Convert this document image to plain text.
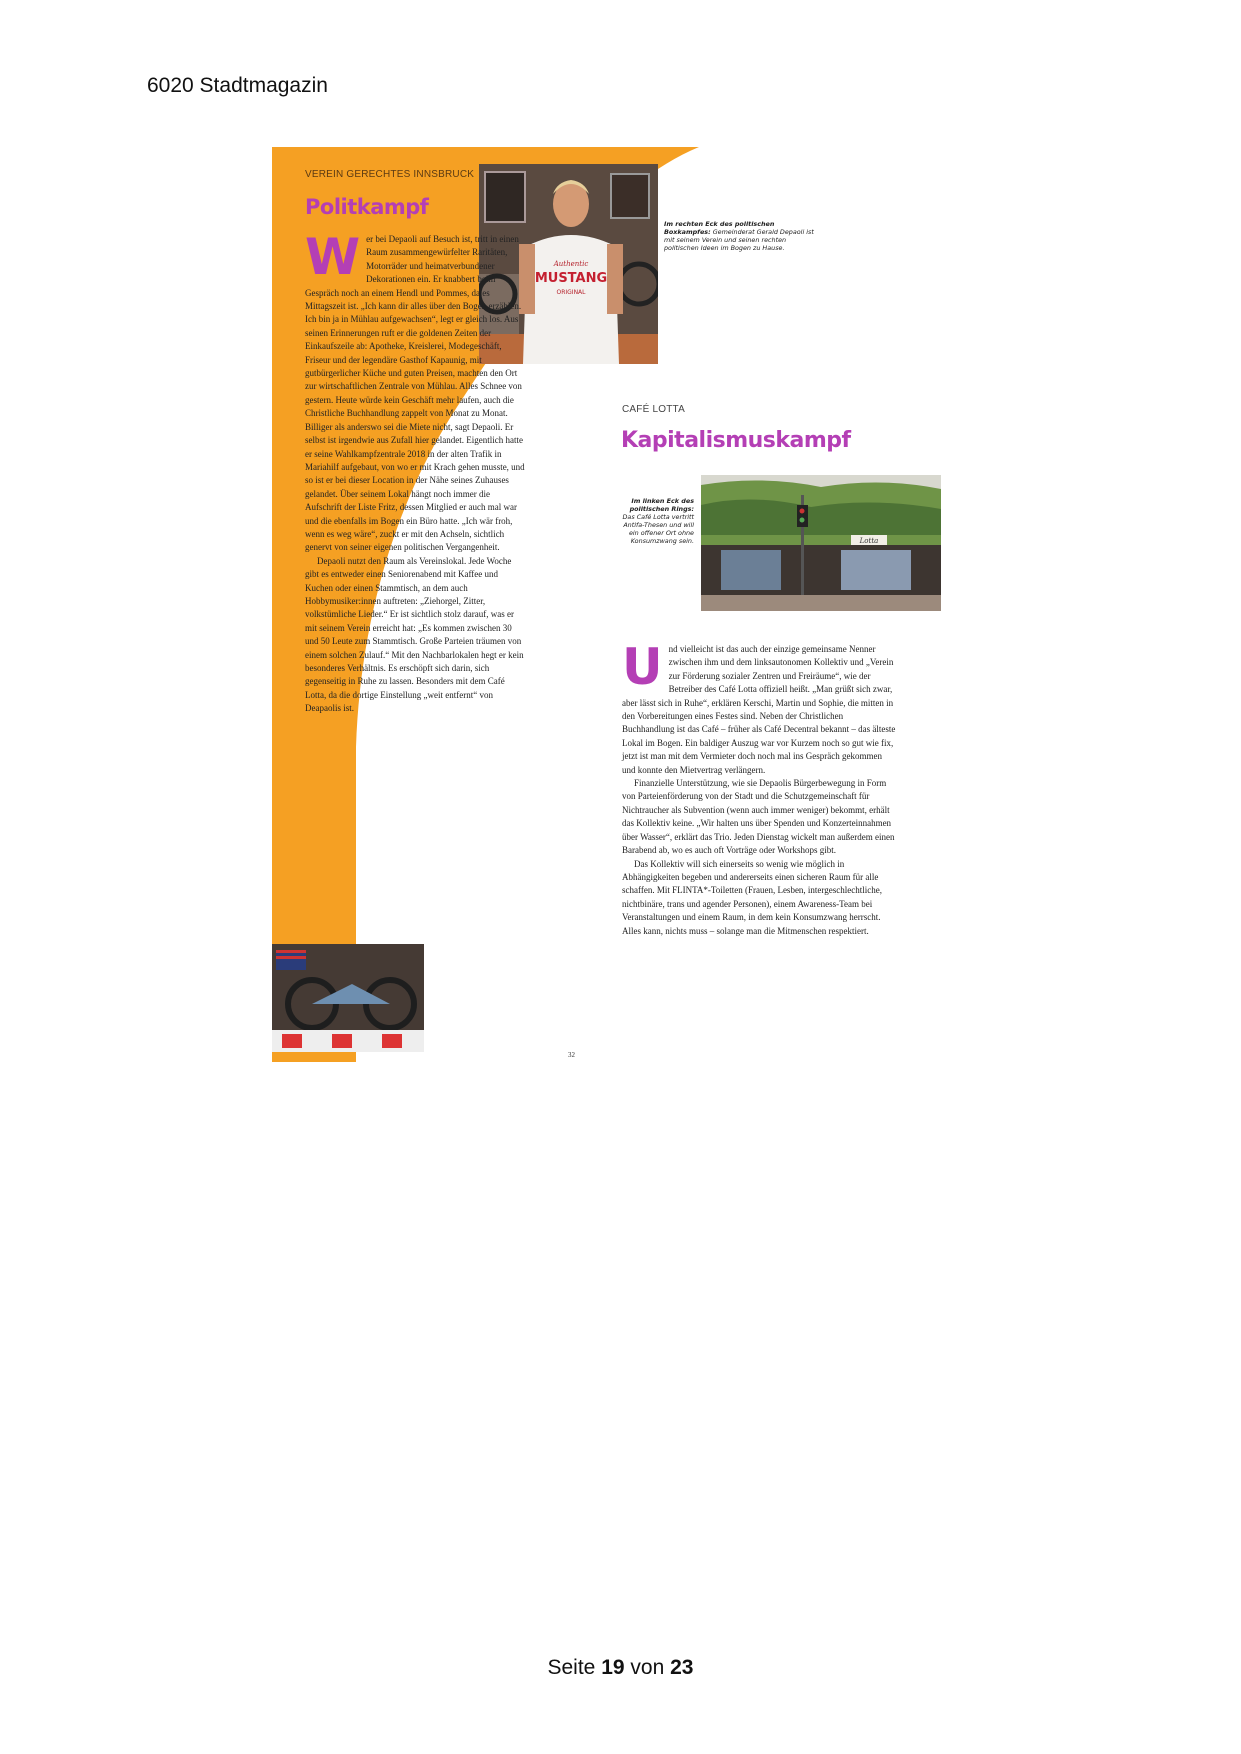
6020 Stadtmagazin
VEREIN GERECHTES INNSBRUCK
Politkampf
Authentic
MUSTANG
ORIGINAL
Im rechten Eck des politischen Boxkampfes: Gemeinderat Gerald Depaoli ist mit seinem Verein und seinen rechten politischen Ideen im Bogen zu Hause.
W er bei Depaoli auf Besuch ist, tritt in einen Raum zusammengewürfelter Raritäten, Motorräder und heimatverbundener Dekorationen ein. Er knabbert beim Gespräch noch an einem Hendl und Pommes, da es Mittagszeit ist. „Ich kann dir alles über den Bogen erzählen. Ich bin ja in Mühlau aufgewachsen“, legt er gleich los. Aus seinen Erinnerungen ruft er die goldenen Zeiten der Einkaufszeile ab: Apotheke, Kreislerei, Modegeschäft, Friseur und der legendäre Gasthof Kapaunig, mit gutbürgerlicher Küche und guten Preisen, machten den Ort zur wirtschaftlichen Zentrale von Mühlau. Alles Schnee von gestern. Heute würde kein Geschäft mehr laufen, auch die Christliche Buchhandlung zappelt von Monat zu Monat. Billiger als anderswo sei die Miete nicht, sagt Depaoli. Er selbst ist irgendwie aus Zufall hier gelandet. Eigentlich hatte er seine Wahlkampfzentrale 2018 in der alten Trafik in Mariahilf aufgebaut, von wo er mit Krach gehen musste, und so ist er bei dieser Location in der Nähe seines Zuhauses gelandet. Über seinem Lokal hängt noch immer die Aufschrift der Liste Fritz, dessen Mitglied er auch mal war und die ebenfalls im Bogen ein Büro hatte. „Ich wär froh, wenn es weg wäre“, zuckt er mit den Achseln, sichtlich genervt von seiner eigenen politischen Vergangenheit.

Depaoli nutzt den Raum als Vereinslokal. Jede Woche gibt es entweder einen Seniorenabend mit Kaffee und Kuchen oder einen Stammtisch, an dem auch Hobbymusiker:innen auftreten: „Ziehorgel, Zitter, volkstümliche Lieder.“ Er ist sichtlich stolz darauf, was er mit seinem Verein erreicht hat: „Es kommen zwischen 30 und 50 Leute zum Stammtisch. Große Parteien träumen von einem solchen Zulauf.“ Mit den Nachbarlokalen hegt er kein besonderes Verhältnis. Es erschöpft sich darin, sich gegenseitig in Ruhe zu lassen. Besonders mit dem Café Lotta, da die dortige Einstellung „weit entfernt“ von Deapaolis ist.

CAFÉ LOTTA
Kapitalismuskampf
Im linken Eck des politischen Rings: Das Café Lotta vertritt Antifa-Thesen und will ein offener Ort ohne Konsumzwang sein.	Lotta
U nd vielleicht ist das auch der einzige gemeinsame Nenner zwischen ihm und dem linksautonomen Kollektiv und „Verein zur Förderung sozialer Zentren und Freiräume“, wie der Betreiber des Café Lotta offiziell heißt. „Man grüßt sich zwar, aber lässt sich in Ruhe“, erklären Kerschi, Martin und Sophie, die mitten in den Vorbereitungen eines Festes sind. Neben der Christlichen Buchhandlung ist das Café – früher als Café Decentral bekannt – das älteste Lokal im Bogen. Ein baldiger Auszug war vor Kurzem noch so gut wie fix, jetzt ist man mit dem Vermieter doch noch mal ins Gespräch gekommen und konnte den Mietvertrag verlängern.

Finanzielle Unterstützung, wie sie Depaolis Bürgerbewegung in Form von Parteienförderung von der Stadt und die Schutzgemeinschaft für Nichtraucher als Subvention (wenn auch immer weniger) bekommt, erhält das Kollektiv keine. „Wir halten uns über Spenden und Konzerteinnahmen über Wasser“, erklärt das Trio. Jeden Dienstag wickelt man außerdem einen Barabend ab, wo es auch oft Vorträge oder Workshops gibt.

Das Kollektiv will sich einerseits so wenig wie möglich in Abhängigkeiten begeben und andererseits einen sicheren Raum für alle schaffen. Mit FLINTA*-Toiletten (Frauen, Lesben, intergeschlechtliche, nichtbinäre, trans und agender Personen), einem Awareness-Team bei Veranstaltungen und einem Raum, in dem kein Konsumzwang herrscht. Alles kann, nichts muss – solange man die Mitmenschen respektiert.

32
Seite 19 von 23
